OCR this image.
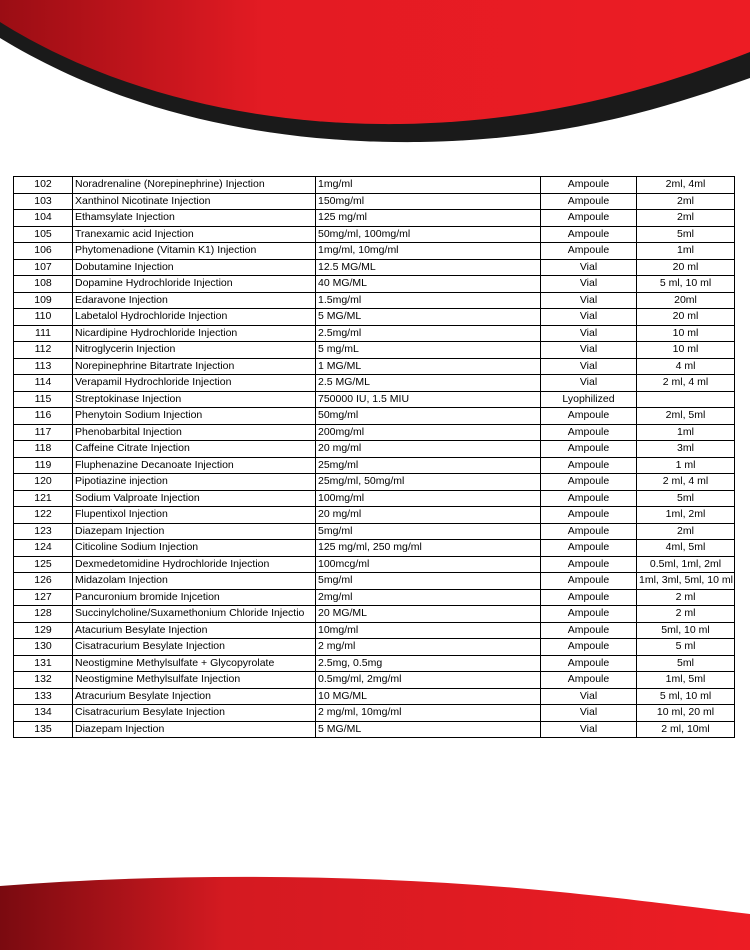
102	Noradrenaline (Norepinephrine) Injection	1mg/ml	Ampoule	2ml, 4ml
103	Xanthinol Nicotinate Injection	150mg/ml	Ampoule	2ml
104	Ethamsylate Injection	125 mg/ml	Ampoule	2ml
105	Tranexamic acid Injection	50mg/ml, 100mg/ml	Ampoule	5ml
106	Phytomenadione (Vitamin K1) Injection	1mg/ml, 10mg/ml	Ampoule	1ml
107	Dobutamine Injection	12.5 MG/ML	Vial	20 ml
108	Dopamine Hydrochloride Injection	40 MG/ML	Vial	5 ml, 10 ml
109	Edaravone Injection	1.5mg/ml	Vial	20ml
110	Labetalol Hydrochloride Injection	5 MG/ML	Vial	20 ml
111	Nicardipine Hydrochloride Injection	2.5mg/ml	Vial	10 ml
112	Nitroglycerin Injection	5 mg/mL	Vial	10 ml
113	Norepinephrine Bitartrate Injection	1 MG/ML	Vial	4 ml
114	Verapamil Hydrochloride Injection	2.5 MG/ML	Vial	2 ml, 4 ml
115	Streptokinase Injection	750000 IU, 1.5 MIU	Lyophilized	
116	Phenytoin Sodium Injection	50mg/ml	Ampoule	2ml, 5ml
117	Phenobarbital Injection	200mg/ml	Ampoule	1ml
118	Caffeine Citrate Injection	20 mg/ml	Ampoule	3ml
119	Fluphenazine Decanoate Injection	25mg/ml	Ampoule	1 ml
120	Pipotiazine injection	25mg/ml, 50mg/ml	Ampoule	2 ml, 4 ml
121	Sodium Valproate Injection	100mg/ml	Ampoule	5ml
122	Flupentixol Injection	20 mg/ml	Ampoule	1ml, 2ml
123	Diazepam Injection	5mg/ml	Ampoule	2ml
124	Citicoline Sodium Injection	125 mg/ml, 250 mg/ml	Ampoule	4ml, 5ml
125	Dexmedetomidine Hydrochloride Injection	100mcg/ml	Ampoule	0.5ml, 1ml, 2ml
126	Midazolam Injection	5mg/ml	Ampoule	1ml, 3ml, 5ml, 10 ml
127	Pancuronium bromide Injcetion	2mg/ml	Ampoule	2 ml
128	Succinylcholine/Suxamethonium Chloride Injectio	20 MG/ML	Ampoule	2 ml
129	Atacurium Besylate Injection	10mg/ml	Ampoule	5ml, 10 ml
130	Cisatracurium Besylate Injection	2 mg/ml	Ampoule	5 ml
131	Neostigmine Methylsulfate + Glycopyrolate	2.5mg, 0.5mg	Ampoule	5ml
132	Neostigmine Methylsulfate Injection	0.5mg/ml, 2mg/ml	Ampoule	1ml, 5ml
133	Atracurium Besylate Injection	10 MG/ML	Vial	5 ml, 10 ml
134	Cisatracurium Besylate Injection	2 mg/ml, 10mg/ml	Vial	10 ml, 20 ml
135	Diazepam Injection	5 MG/ML	Vial	2 ml, 10ml
